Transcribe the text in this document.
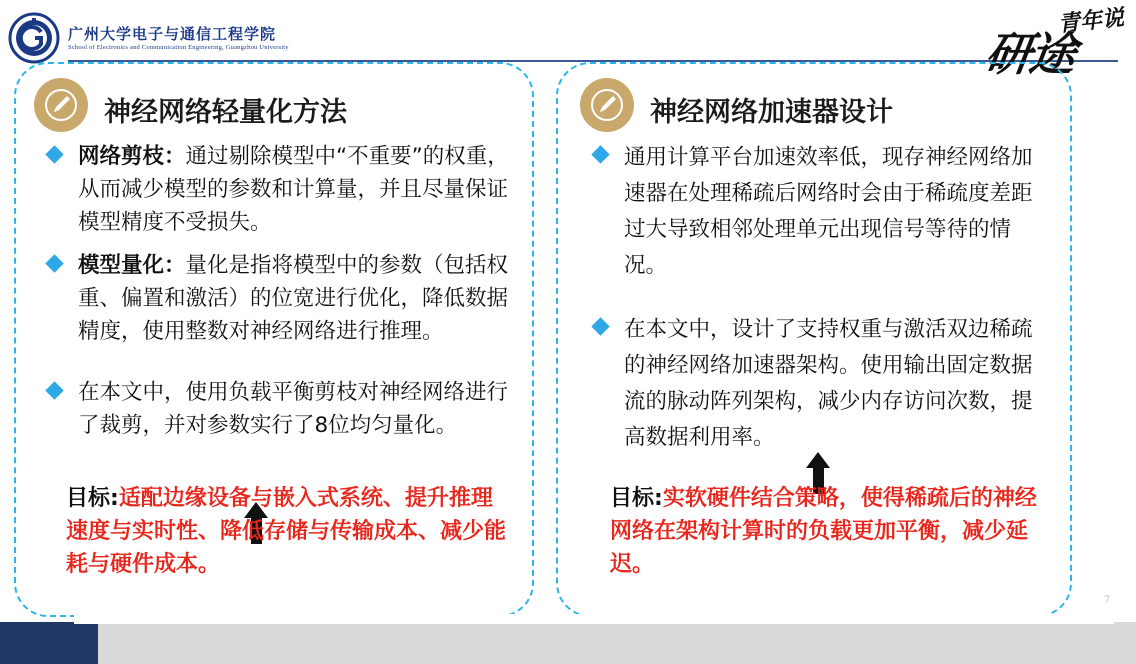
广州大学电子与通信工程学院
School of Electronics and Communication Engineering, Guangzhou University	研途
青年说
神经网络轻量化方法
网络剪枝：通过剔除模型中“不重要”的权重，从而减少模型的参数和计算量，并且尽量保证模型精度不受损失。
模型量化：量化是指将模型中的参数（包括权重、偏置和激活）的位宽进行优化，降低数据精度，使用整数对神经网络进行推理。
在本文中，使用负载平衡剪枝对神经网络进行了裁剪，并对参数实行了8位均匀量化。
目标:适配边缘设备与嵌入式系统、提升推理速度与实时性、降低存储与传输成本、减少能耗与硬件成本。
神经网络加速器设计
通用计算平台加速效率低，现存神经网络加速器在处理稀疏后网络时会由于稀疏度差距过大导致相邻处理单元出现信号等待的情况。
在本文中，设计了支持权重与激活双边稀疏的神经网络加速器架构。使用输出固定数据流的脉动阵列架构，减少内存访问次数，提高数据利用率。
目标:实软硬件结合策略，使得稀疏后的神经网络在架构计算时的负载更加平衡，减少延迟。
7
